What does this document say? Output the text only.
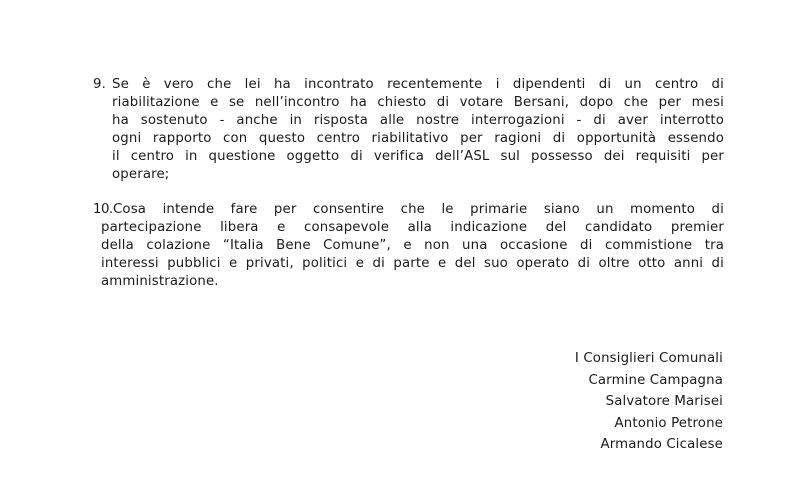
9. Se è vero che lei ha incontrato recentemente i dipendenti di un centro di
riabilitazione e se nell’incontro ha chiesto di votare Bersani, dopo che per mesi
ha sostenuto - anche in risposta alle nostre interrogazioni - di aver interrotto
ogni rapporto con questo centro riabilitativo per ragioni di opportunità essendo
il centro in questione oggetto di verifica dell’ASL sul possesso dei requisiti per
operare;
10. Cosa intende fare per consentire che le primarie siano un momento di
partecipazione libera e consapevole alla indicazione del candidato premier
della colazione “Italia Bene Comune”, e non una occasione di commistione tra
interessi pubblici e privati, politici e di parte e del suo operato di oltre otto anni di
amministrazione.
I Consiglieri Comunali
Carmine Campagna
Salvatore Marisei
Antonio Petrone
Armando Cicalese
